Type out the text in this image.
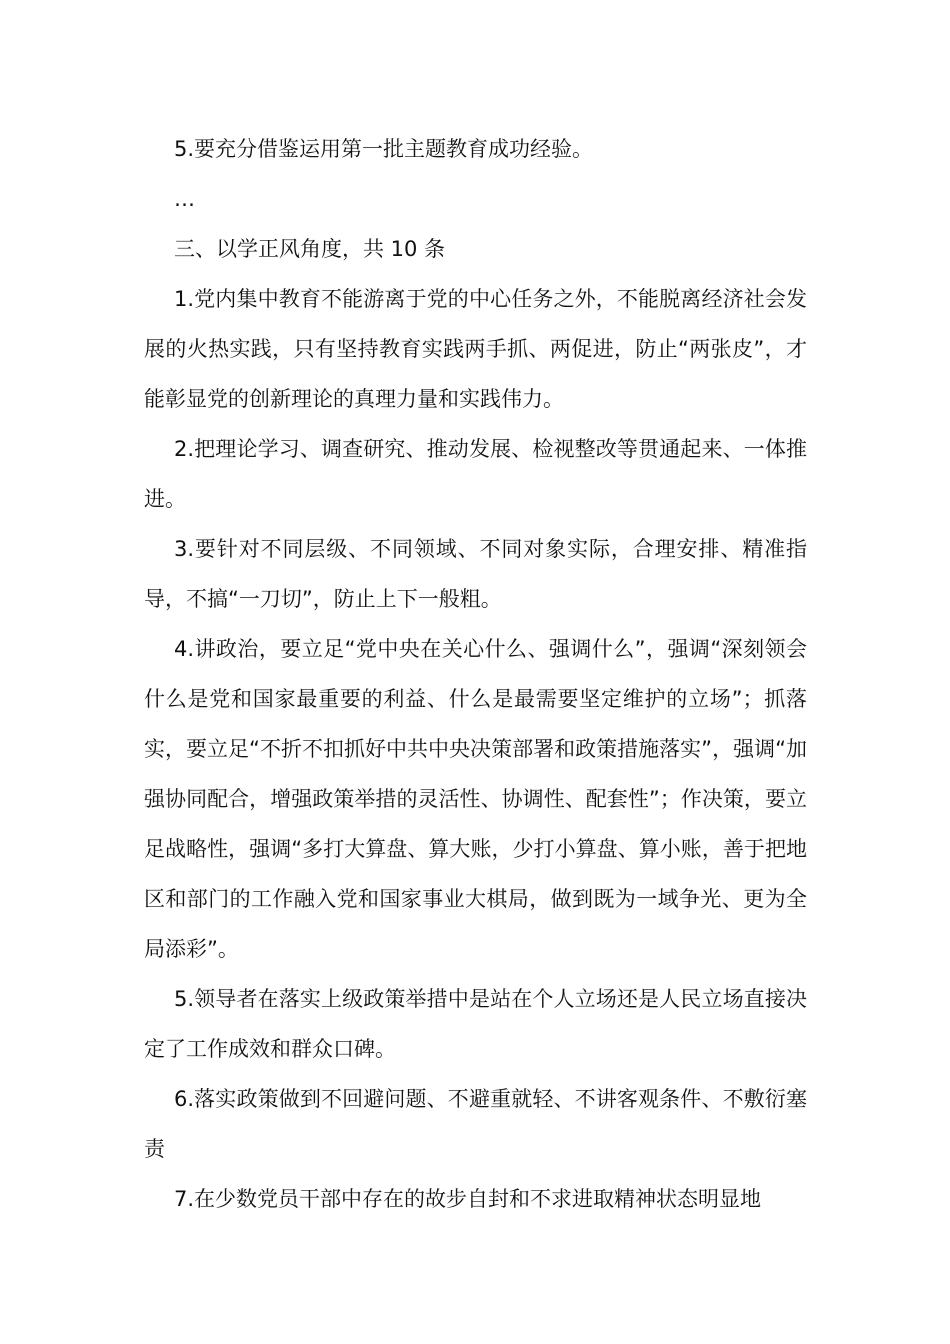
5.要充分借鉴运用第一批主题教育成功经验。

…

三、以学正风角度，共 10 条

1.党内集中教育不能游离于党的中心任务之外，不能脱离经济社会发展的火热实践，只有坚持教育实践两手抓、两促进，防止“两张皮”，才能彰显党的创新理论的真理力量和实践伟力。

2.把理论学习、调查研究、推动发展、检视整改等贯通起来、一体推进。

3.要针对不同层级、不同领域、不同对象实际，合理安排、精准指导，不搞“一刀切”，防止上下一般粗。

4.讲政治，要立足“党中央在关心什么、强调什么”，强调“深刻领会什么是党和国家最重要的利益、什么是最需要坚定维护的立场”；抓落实，要立足“不折不扣抓好中共中央决策部署和政策措施落实”，强调“加强协同配合，增强政策举措的灵活性、协调性、配套性”；作决策，要立足战略性，强调“多打大算盘、算大账，少打小算盘、算小账，善于把地区和部门的工作融入党和国家事业大棋局，做到既为一域争光、更为全局添彩”。

5.领导者在落实上级政策举措中是站在个人立场还是人民立场直接决定了工作成效和群众口碑。

6.落实政策做到不回避问题、不避重就轻、不讲客观条件、不敷衍塞责

7.在少数党员干部中存在的故步自封和不求进取精神状态明显地
